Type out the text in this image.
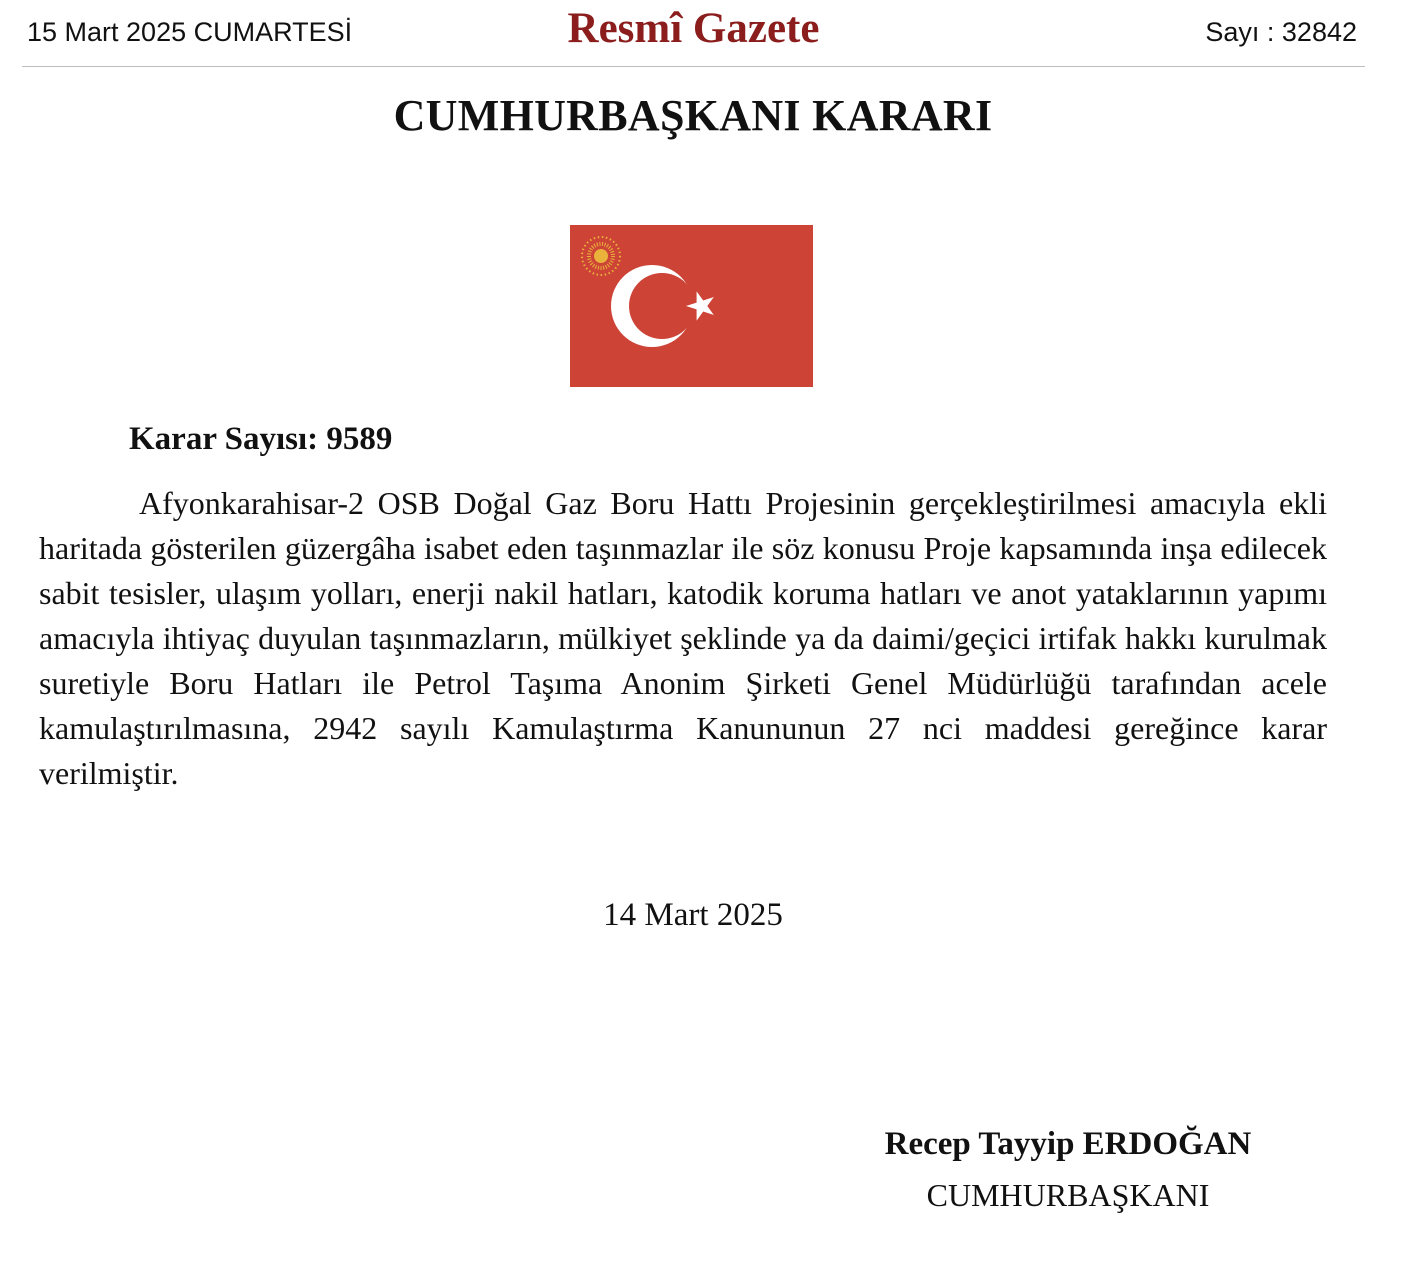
15 Mart 2025 CUMARTESİ	Resmî Gazete	Sayı : 32842
CUMHURBAŞKANI KARARI
Karar Sayısı: 9589

Afyonkarahisar-2 OSB Doğal Gaz Boru Hattı Projesinin gerçekleştirilmesi amacıyla ekli haritada gösterilen güzergâha isabet eden taşınmazlar ile söz konusu Proje kapsamında inşa edilecek sabit tesisler, ulaşım yolları, enerji nakil hatları, katodik koruma hatları ve anot yataklarının yapımı amacıyla ihtiyaç duyulan taşınmazların, mülkiyet şeklinde ya da daimi/geçici irtifak hakkı kurulmak suretiyle Boru Hatları ile Petrol Taşıma Anonim Şirketi Genel Müdürlüğü tarafından acele kamulaştırılmasına, 2942 sayılı Kamulaştırma Kanununun 27 nci maddesi gereğince karar verilmiştir.

14 Mart 2025
Recep Tayyip ERDOĞAN
CUMHURBAŞKANI
